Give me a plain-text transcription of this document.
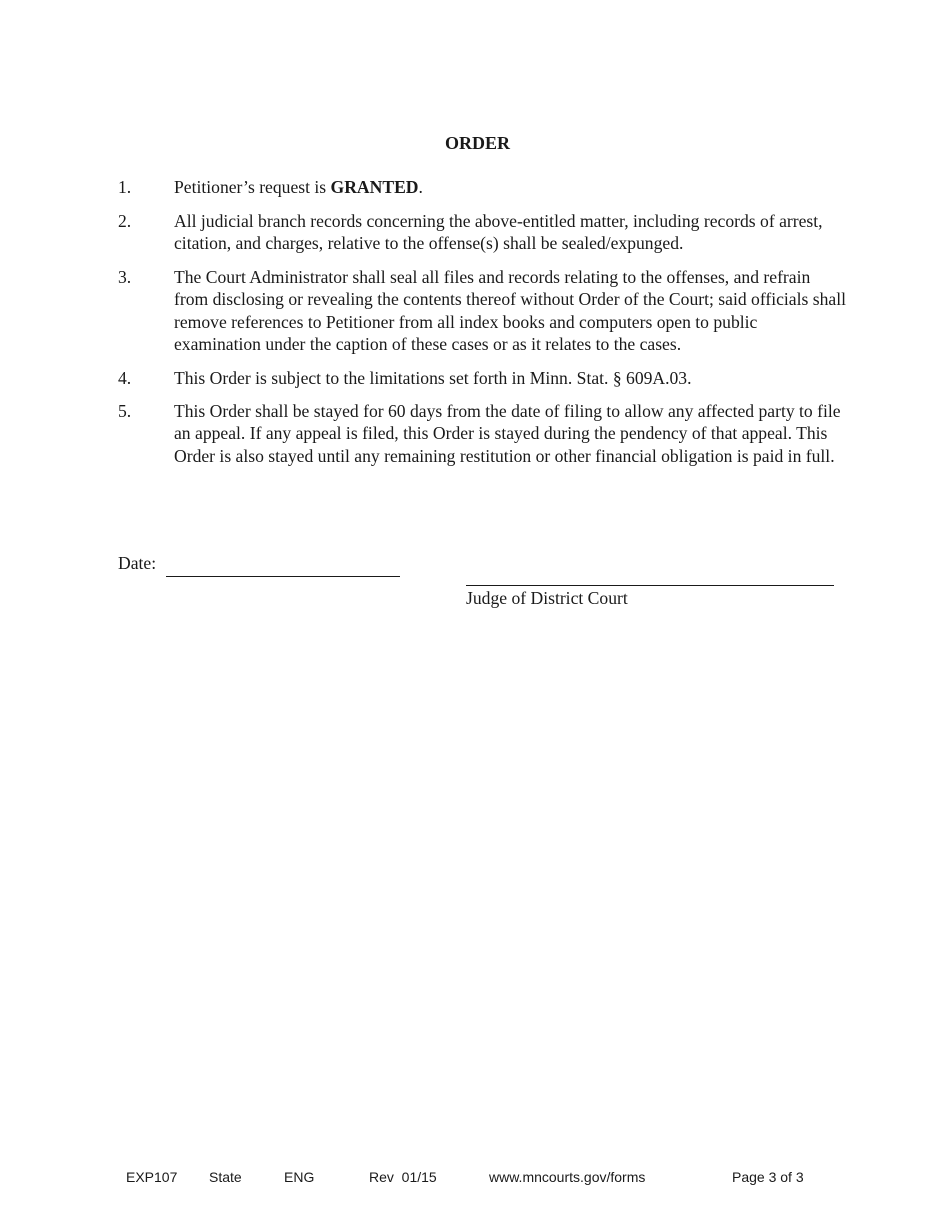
ORDER
1.	Petitioner’s request is GRANTED.
2.	All judicial branch records concerning the above-entitled matter, including records of arrest, citation, and charges, relative to the offense(s) shall be sealed/expunged.
3.	The Court Administrator shall seal all files and records relating to the offenses, and refrain from disclosing or revealing the contents thereof without Order of the Court; said officials shall remove references to Petitioner from all index books and computers open to public examination under the caption of these cases or as it relates to the cases.
4.	This Order is subject to the limitations set forth in Minn. Stat. § 609A.03.
5.	This Order shall be stayed for 60 days from the date of filing to allow any affected party to file an appeal. If any appeal is filed, this Order is stayed during the pendency of that appeal. This Order is also stayed until any remaining restitution or other financial obligation is paid in full.
Date:
Judge of District Court
EXP107 State	ENG	Rev  01/15	www.mncourts.gov/forms	Page 3 of 3
